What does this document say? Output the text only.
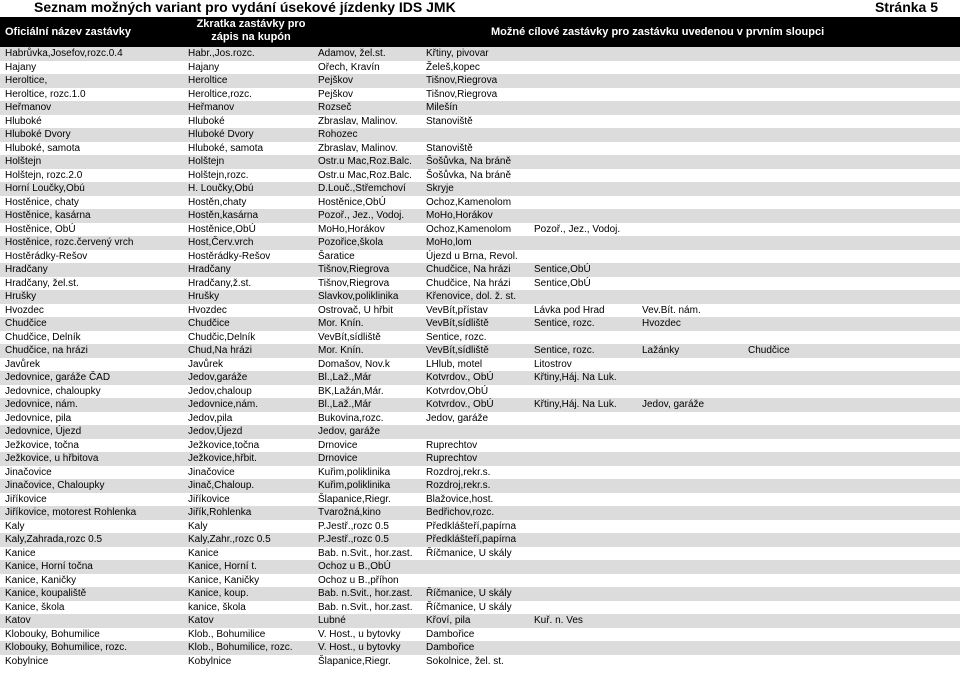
Seznam možných variant pro vydání úsekové jízdenky IDS JMK	Stránka 5
Oficiální název zastávky
Zkratka zastávky pro zápis na kupón	Možné cílové zastávky pro zastávku uvedenou v prvním sloupci
Habrůvka,Josefov,rozc.0.4	Habr.,Jos.rozc.	Adamov, žel.st.	Křtiny, pivovar
Hajany	Hajany	Ořech, Kravín	Želeš,kopec
Heroltice,	Heroltice	Pejškov	Tišnov,Riegrova
Heroltice, rozc.1.0	Heroltice,rozc.	Pejškov	Tišnov,Riegrova
Heřmanov	Heřmanov	Rozseč	Milešín
Hluboké	Hluboké	Zbraslav, Malinov.	Stanoviště
Hluboké Dvory	Hluboké Dvory	Rohozec
Hluboké, samota	Hluboké, samota	Zbraslav, Malinov.	Stanoviště
Holštejn	Holštejn	Ostr.u Mac,Roz.Balc.	Šošůvka, Na bráně
Holštejn, rozc.2.0	Holštejn,rozc.	Ostr.u Mac,Roz.Balc.	Šošůvka, Na bráně
Horní Loučky,Obú	H. Loučky,Obú	D.Louč.,Střemchoví	Skryje
Hostěnice, chaty	Hostěn,chaty	Hostěnice,ObÚ	Ochoz,Kamenolom
Hostěnice, kasárna	Hostěn,kasárna	Pozoř., Jez., Vodoj.	MoHo,Horákov
Hostěnice, ObÚ	Hostěnice,ObÚ	MoHo,Horákov	Ochoz,Kamenolom	Pozoř., Jez., Vodoj.
Hostěnice, rozc.červený vrch	Host,Červ.vrch	Pozořice,škola	MoHo,lom
Hostěrádky-Rešov	Hostěrádky-Rešov	Šaratice	Újezd u Brna, Revol.
Hradčany	Hradčany	Tišnov,Riegrova	Chudčice, Na hrázi	Sentice,ObÚ
Hradčany, žel.st.	Hradčany,ž.st.	Tišnov,Riegrova	Chudčice, Na hrázi	Sentice,ObÚ
Hrušky	Hrušky	Slavkov,poliklinika	Křenovice, dol. ž. st.
Hvozdec	Hvozdec	Ostrovač, U hřbit	VevBít,přístav	Lávka pod Hrad	Vev.Bít. nám.
Chudčice	Chudčice	Mor. Knín.	VevBít,sídliště	Sentice, rozc.	Hvozdec
Chudčice, Delník	Chudčic,Delník	VevBít,sídliště	Sentice, rozc.
Chudčice, na hrázi	Chud,Na hrázi	Mor. Knín.	VevBít,sídliště	Sentice, rozc.	Lažánky	Chudčice
Javůrek	Javůrek	Domašov, Nov.k	LHlub, motel	Litostrov
Jedovnice, garáže ČAD	Jedov,garáže	Bl.,Laž.,Már	Kotvrdov., ObÚ	Křtiny,Háj. Na Luk.
Jedovnice, chaloupky	Jedov,chaloup	BK,Lažán,Már.	Kotvrdov,ObÚ
Jedovnice, nám.	Jedovnice,nám.	Bl.,Laž.,Már	Kotvrdov., ObÚ	Křtiny,Háj. Na Luk.	Jedov, garáže
Jedovnice, pila	Jedov,pila	Bukovina,rozc.	Jedov, garáže
Jedovnice, Újezd	Jedov,Újezd	Jedov, garáže
Ježkovice, točna	Ježkovice,točna	Drnovice	Ruprechtov
Ježkovice, u hřbitova	Ježkovice,hřbit.	Drnovice	Ruprechtov
Jinačovice	Jinačovice	Kuřim,poliklinika	Rozdroj,rekr.s.
Jinačovice, Chaloupky	Jinač,Chaloup.	Kuřim,poliklinika	Rozdroj,rekr.s.
Jiříkovice	Jiříkovice	Šlapanice,Riegr.	Blažovice,host.
Jiříkovice, motorest Rohlenka	Jiřík,Rohlenka	Tvarožná,kino	Bedřichov,rozc.
Kaly	Kaly	P.Jestř.,rozc 0.5	Předklášteří,papírna
Kaly,Zahrada,rozc 0.5	Kaly,Zahr.,rozc 0.5	P.Jestř.,rozc 0.5	Předklášteří,papírna
Kanice	Kanice	Bab. n.Svit., hor.zast.	Říčmanice, U skály
Kanice, Horní točna	Kanice, Horní t.	Ochoz u B.,ObÚ
Kanice, Kaničky	Kanice, Kaničky	Ochoz u B.,příhon
Kanice, koupaliště	Kanice, koup.	Bab. n.Svit., hor.zast.	Říčmanice, U skály
Kanice, škola	kanice, škola	Bab. n.Svit., hor.zast.	Říčmanice, U skály
Katov	Katov	Lubné	Křoví, pila	Kuř. n. Ves
Klobouky, Bohumilice	Klob., Bohumilice	V. Host., u bytovky	Dambořice
Klobouky, Bohumilice, rozc.	Klob., Bohumilice, rozc.	V. Host., u bytovky	Dambořice
Kobylnice	Kobylnice	Šlapanice,Riegr.	Sokolnice, žel. st.
